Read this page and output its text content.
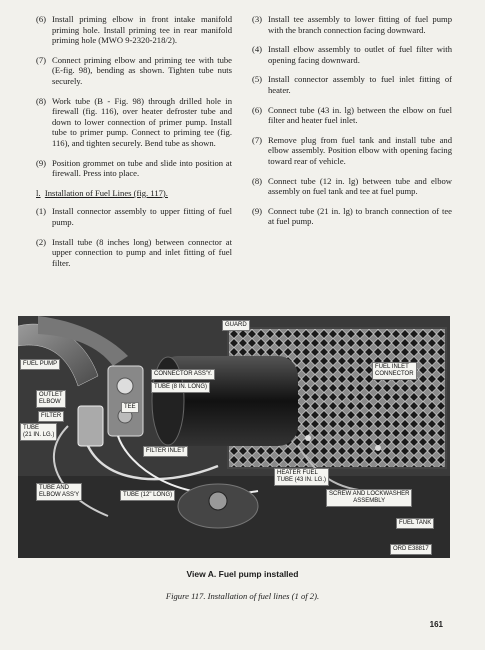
(6) Install priming elbow in front intake manifold priming hole. Install priming tee in rear manifold priming hole (MWO 9-2320-218/2).
(7) Connect priming elbow and priming tee with tube (E-fig. 98), bending as shown. Tighten tube nuts securely.
(8) Work tube (B - Fig. 98) through drilled hole in firewall (fig. 116), over heater defroster tube and down to lower connection of primer pump. Install tube to primer pump. Connect to priming tee (fig. 116), and tighten securely. Bend tube as shown.
(9) Position grommet on tube and slide into position at firewall. Press into place.
l. Installation of Fuel Lines (fig. 117).
(1) Install connector assembly to upper fitting of fuel pump.
(2) Install tube (8 inches long) between connector at upper connection to pump and inlet fitting of fuel filter.
(3) Install tee assembly to lower fitting of fuel pump with the branch connection facing downward.
(4) Install elbow assembly to outlet of fuel filter with opening facing downward.
(5) Install connector assembly to fuel inlet fitting of heater.
(6) Connect tube (43 in. lg) between the elbow on fuel filter and heater fuel inlet.
(7) Remove plug from fuel tank and install tube and elbow assembly. Position elbow with opening facing toward rear of vehicle.
(8) Connect tube (12 in. lg) between tube and elbow assembly on fuel tank and tee at fuel pump.
(9) Connect tube (21 in. lg) to branch connection of tee at fuel pump.
GUARD
FUEL INLET
CONNECTOR
FUEL PUMP
CONNECTOR ASS'Y.
TUBE (8 IN. LONG)
OUTLET
ELBOW
TEE
FILTER
TUBE
(21 IN. LG.)
FILTER INLET
HEATER FUEL
TUBE (43 IN. LG.)
TUBE AND
ELBOW ASS'Y	TUBE (12" LONG)	SCREW AND LOCKWASHER
ASSEMBLY
FUEL TANK
ORD E38817
View A. Fuel pump installed
Figure 117. Installation of fuel lines (1 of 2).
161
